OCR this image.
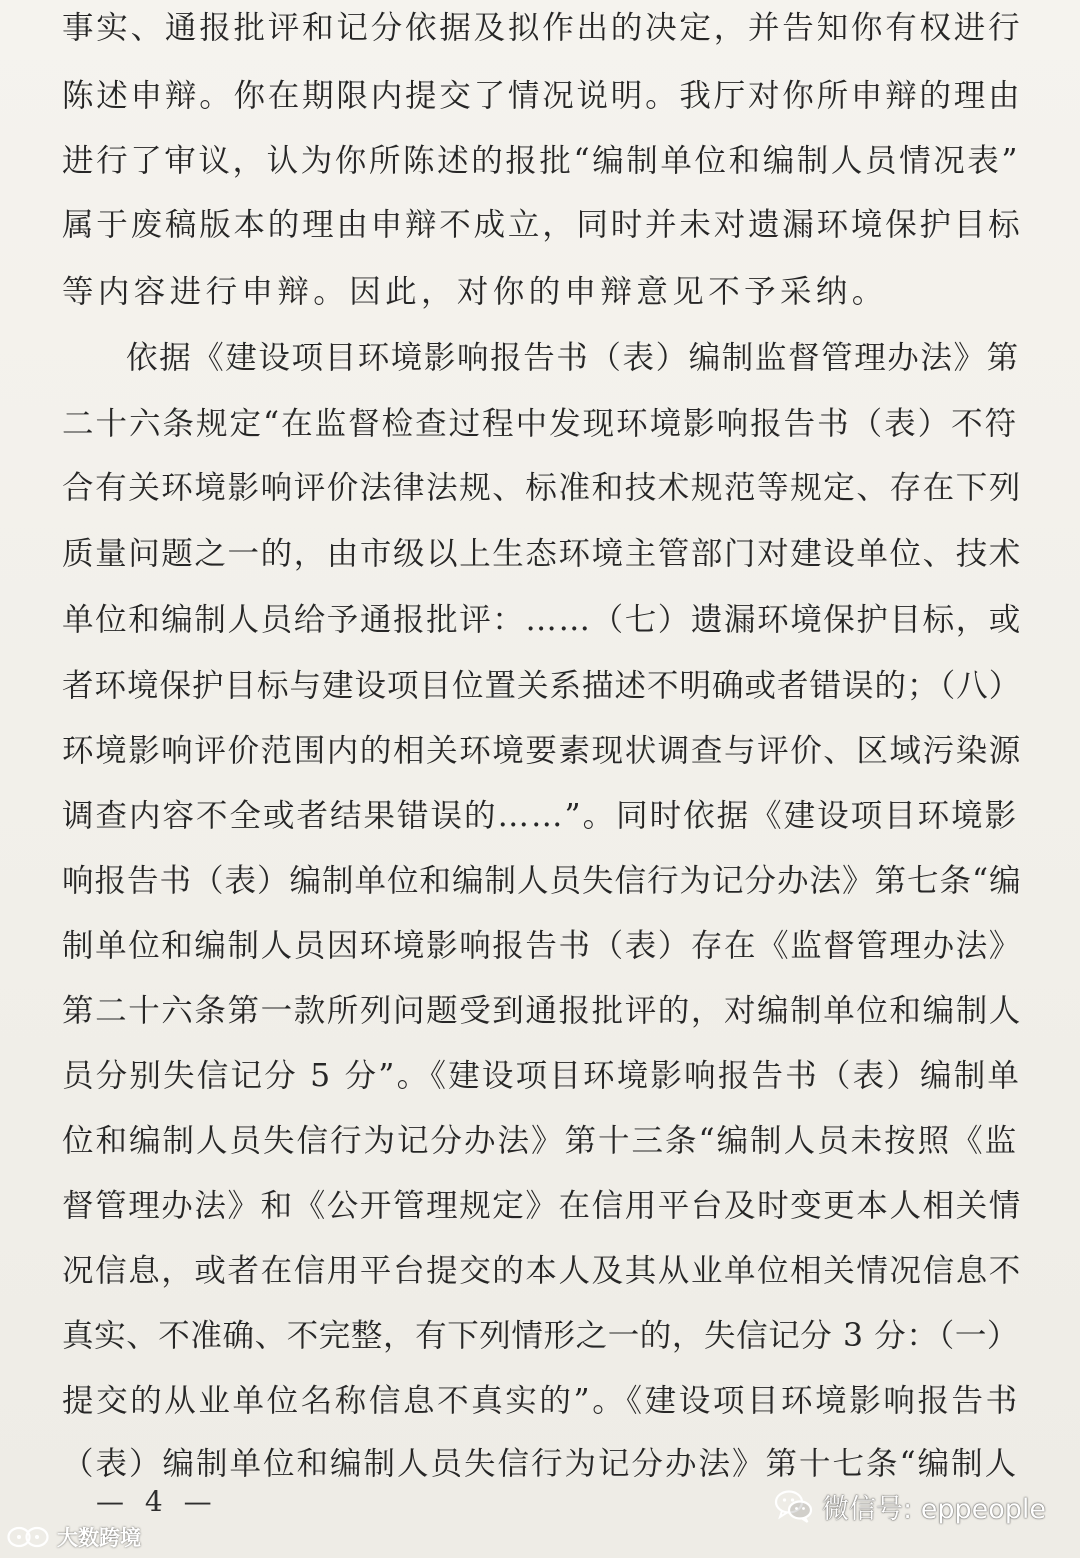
事实、通报批评和记分依据及拟作出的决定，并告知你有权进行
陈述申辩。你在期限内提交了情况说明。我厅对你所申辩的理由
进行了审议，认为你所陈述的报批“编制单位和编制人员情况表”
属于废稿版本的理由申辩不成立，同时并未对遗漏环境保护目标
等内容进行申辩。因此，对你的申辩意见不予采纳。
依据《建设项目环境影响报告书（表）编制监督管理办法》第
二十六条规定“在监督检查过程中发现环境影响报告书（表）不符
合有关环境影响评价法律法规、标准和技术规范等规定、存在下列
质量问题之一的，由市级以上生态环境主管部门对建设单位、技术
单位和编制人员给予通报批评：……（七）遗漏环境保护目标，或
者环境保护目标与建设项目位置关系描述不明确或者错误的；（八）
环境影响评价范围内的相关环境要素现状调查与评价、区域污染源
调查内容不全或者结果错误的……”。同时依据《建设项目环境影
响报告书（表）编制单位和编制人员失信行为记分办法》第七条“编
制单位和编制人员因环境影响报告书（表）存在《监督管理办法》
第二十六条第一款所列问题受到通报批评的，对编制单位和编制人
员分别失信记分 5 分”。《建设项目环境影响报告书（表）编制单
位和编制人员失信行为记分办法》第十三条“编制人员未按照《监
督管理办法》和《公开管理规定》在信用平台及时变更本人相关情
况信息，或者在信用平台提交的本人及其从业单位相关情况信息不
真实、不准确、不完整，有下列情形之一的，失信记分 3 分：（一）
提交的从业单位名称信息不真实的”。《建设项目环境影响报告书
（表）编制单位和编制人员失信行为记分办法》第十七条“编制人
— 4 —	微信号: eppeople
大数跨境
